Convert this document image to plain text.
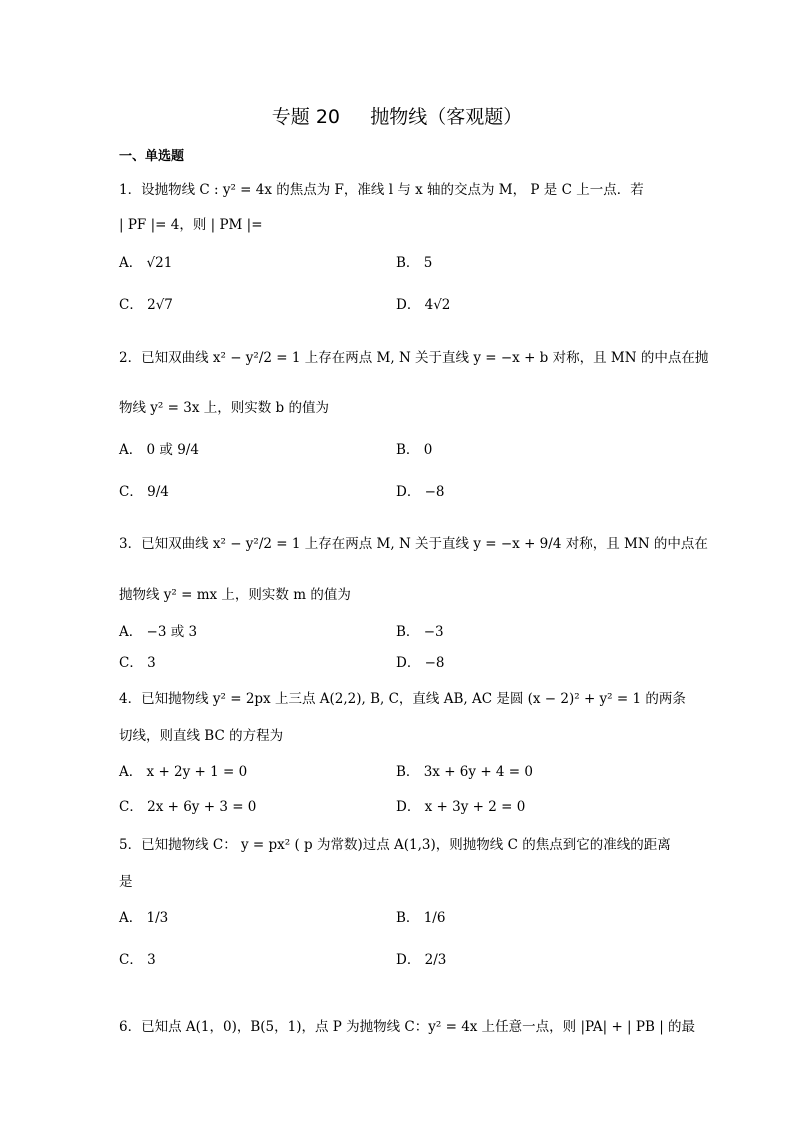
专题 20     抛物线（客观题）
一、单选题
1．设抛物线 C : y² = 4x 的焦点为 F，准线 l 与 x 轴的交点为 M， P 是 C 上一点．若
| PF |= 4，则 | PM |=
A． √21	B． 5
C． 2√7	D． 4√2
2．已知双曲线 x² − y²/2 = 1 上存在两点 M, N 关于直线 y = −x + b 对称，且 MN 的中点在抛
物线 y² = 3x 上，则实数 b 的值为
A． 0 或 9/4	B． 0
C． 9/4	D． −8
3．已知双曲线 x² − y²/2 = 1 上存在两点 M, N 关于直线 y = −x + 9/4 对称，且 MN 的中点在
抛物线 y² = mx 上，则实数 m 的值为
A． −3 或 3	B． −3
C． 3	D． −8
4．已知抛物线 y² = 2px 上三点 A(2,2), B, C，直线 AB, AC 是圆 (x − 2)² + y² = 1 的两条
切线，则直线 BC 的方程为
A． x + 2y + 1 = 0	B． 3x + 6y + 4 = 0
C． 2x + 6y + 3 = 0	D． x + 3y + 2 = 0
5．已知抛物线 C： y = px² ( p 为常数)过点 A(1,3)，则抛物线 C 的焦点到它的准线的距离
是
A． 1/3	B． 1/6
C． 3	D． 2/3
6．已知点 A(1，0)，B(5，1)，点 P 为抛物线 C：y² = 4x 上任意一点，则 |PA| + | PB | 的最
